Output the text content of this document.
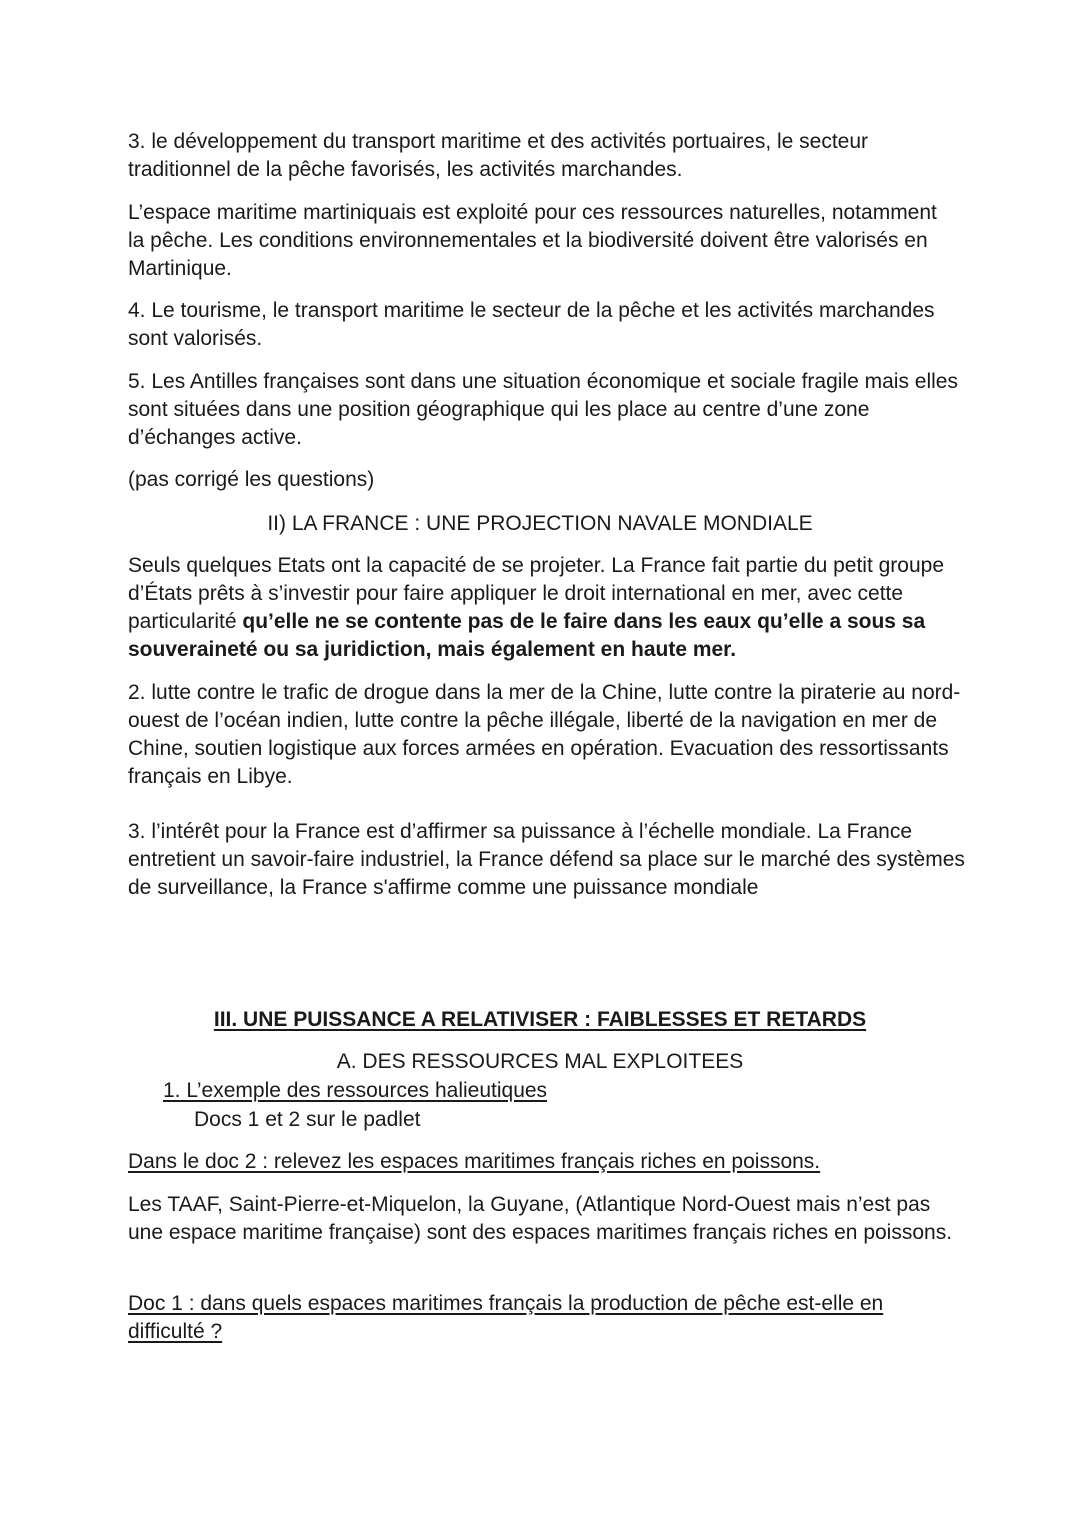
3. le développement du transport maritime et des activités portuaires, le secteur traditionnel de la pêche favorisés, les activités marchandes.

L’espace maritime martiniquais est exploité pour ces ressources naturelles, notamment la pêche. Les conditions environnementales et la biodiversité doivent être valorisés en Martinique.

4. Le tourisme, le transport maritime le secteur de la pêche et les activités marchandes sont valorisés.

5. Les Antilles françaises sont dans une situation économique et sociale fragile mais elles sont situées dans une position géographique qui les place au centre d’une zone d’échanges active.

(pas corrigé les questions)

II) LA FRANCE : UNE PROJECTION NAVALE MONDIALE

Seuls quelques Etats ont la capacité de se projeter. La France fait partie du petit groupe d’États prêts à s’investir pour faire appliquer le droit international en mer, avec cette particularité qu’elle ne se contente pas de le faire dans les eaux qu’elle a sous sa souveraineté ou sa juridiction, mais également en haute mer.

2. lutte contre le trafic de drogue dans la mer de la Chine, lutte contre la piraterie au nord-ouest de l’océan indien, lutte contre la pêche illégale, liberté de la navigation en mer de Chine, soutien logistique aux forces armées en opération. Evacuation des ressortissants français en Libye.

3. l’intérêt pour la France est d’affirmer sa puissance à l’échelle mondiale. La France entretient un savoir-faire industriel, la France défend sa place sur le marché des systèmes de surveillance, la France s'affirme comme une puissance mondiale

III. UNE PUISSANCE A RELATIVISER : FAIBLESSES ET RETARDS

A. DES RESSOURCES MAL EXPLOITEES

1. L’exemple des ressources halieutiques

Docs 1 et 2 sur le padlet

Dans le doc 2 : relevez les espaces maritimes français riches en poissons.

Les TAAF, Saint-Pierre-et-Miquelon, la Guyane, (Atlantique Nord-Ouest mais n’est pas une espace maritime française) sont des espaces maritimes français riches en poissons.

Doc 1 : dans quels espaces maritimes français la production de pêche est-elle en difficulté ?
